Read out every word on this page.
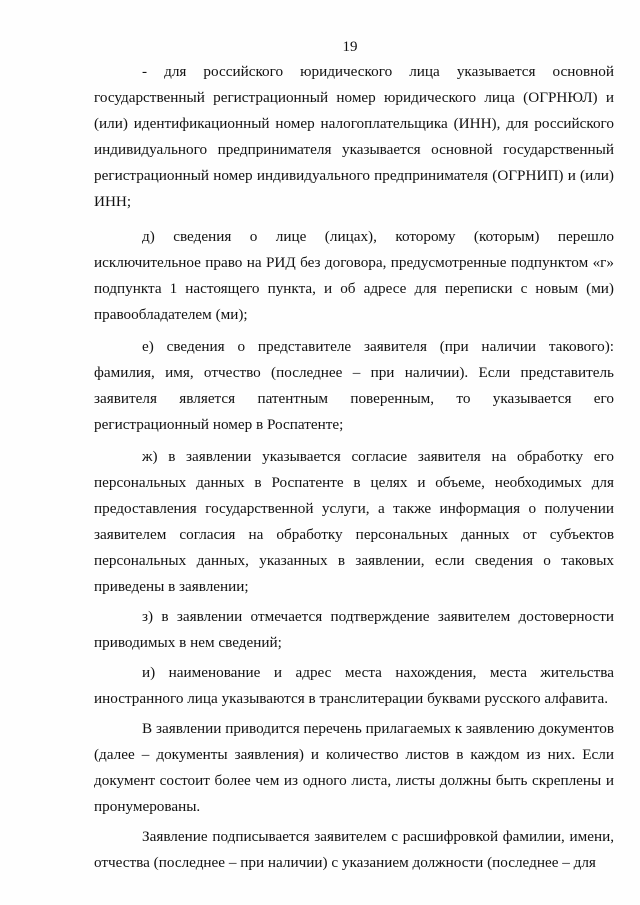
19

- для российского юридического лица указывается основной государственный регистрационный номер юридического лица (ОГРНЮЛ) и (или) идентификационный номер налогоплательщика (ИНН), для российского индивидуального предпринимателя указывается основной государственный регистрационный номер индивидуального предпринимателя (ОГРНИП) и (или) ИНН;

д) сведения о лице (лицах), которому (которым) перешло исключительное право на РИД без договора, предусмотренные подпунктом «г» подпункта 1 настоящего пункта, и об адресе для переписки с новым (ми) правообладателем (ми);

е) сведения о представителе заявителя (при наличии такового): фамилия, имя, отчество (последнее – при наличии). Если представитель заявителя является патентным поверенным, то указывается его регистрационный номер в Роспатенте;

ж) в заявлении указывается согласие заявителя на обработку его персональных данных в Роспатенте в целях и объеме, необходимых для предоставления государственной услуги, а также информация о получении заявителем согласия на обработку персональных данных от субъектов персональных данных, указанных в заявлении, если сведения о таковых приведены в заявлении;

з) в заявлении отмечается подтверждение заявителем достоверности приводимых в нем сведений;

и) наименование и адрес места нахождения, места жительства иностранного лица указываются в транслитерации буквами русского алфавита.

В заявлении приводится перечень прилагаемых к заявлению документов (далее – документы заявления) и количество листов в каждом из них. Если документ состоит более чем из одного листа, листы должны быть скреплены и пронумерованы.

Заявление подписывается заявителем с расшифровкой фамилии, имени, отчества (последнее – при наличии) с указанием должности (последнее – для
